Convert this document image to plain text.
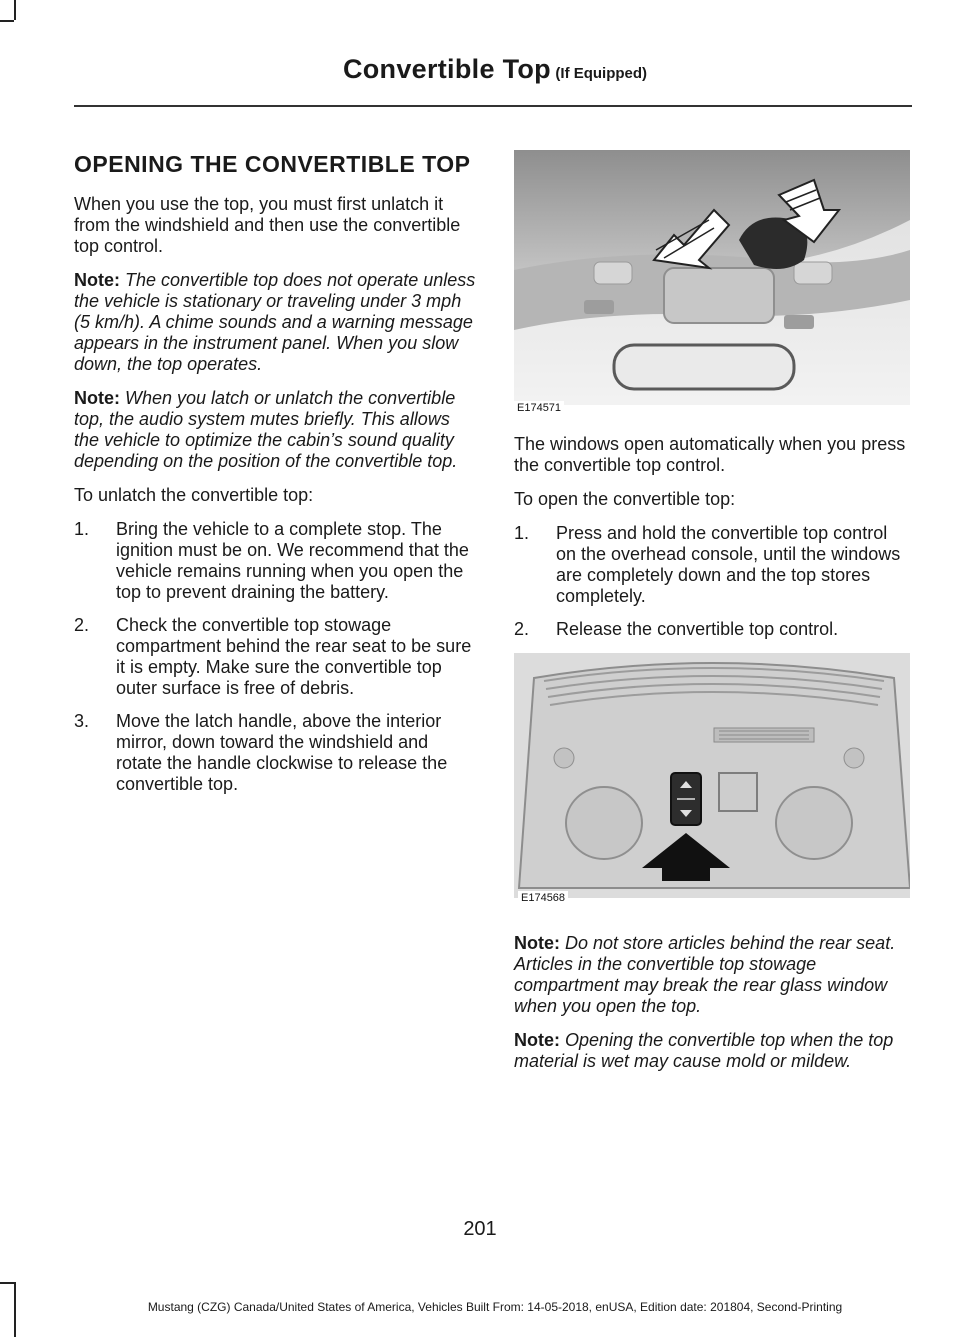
Convertible Top (If Equipped)
OPENING THE CONVERTIBLE TOP

When you use the top, you must first unlatch it from the windshield and then use the convertible top control.

Note: The convertible top does not operate unless the vehicle is stationary or traveling under 3 mph (5 km/h). A chime sounds and a warning message appears in the instrument panel. When you slow down, the top operates.

Note: When you latch or unlatch the convertible top, the audio system mutes briefly. This allows the vehicle to optimize the cabin’s sound quality depending on the position of the convertible top.

To unlatch the convertible top:

1.	Bring the vehicle to a complete stop. The ignition must be on. We recommend that the vehicle remains running when you open the top to prevent draining the battery.
2.	Check the convertible top stowage compartment behind the rear seat to be sure it is empty. Make sure the convertible top outer surface is free of debris.
3.	Move the latch handle, above the interior mirror, down toward the windshield and rotate the handle clockwise to release the convertible top.
E174571

The windows open automatically when you press the convertible top control.

To open the convertible top:

1.	Press and hold the convertible top control on the overhead console, until the windows are completely down and the top stores completely.
2.	Release the convertible top control.
E174568

Note: Do not store articles behind the rear seat. Articles in the convertible top stowage compartment may break the rear glass window when you open the top.

Note: Opening the convertible top when the top material is wet may cause mold or mildew.

201
Mustang (CZG) Canada/United States of America, Vehicles Built From: 14-05-2018, enUSA, Edition date: 201804, Second-Printing
